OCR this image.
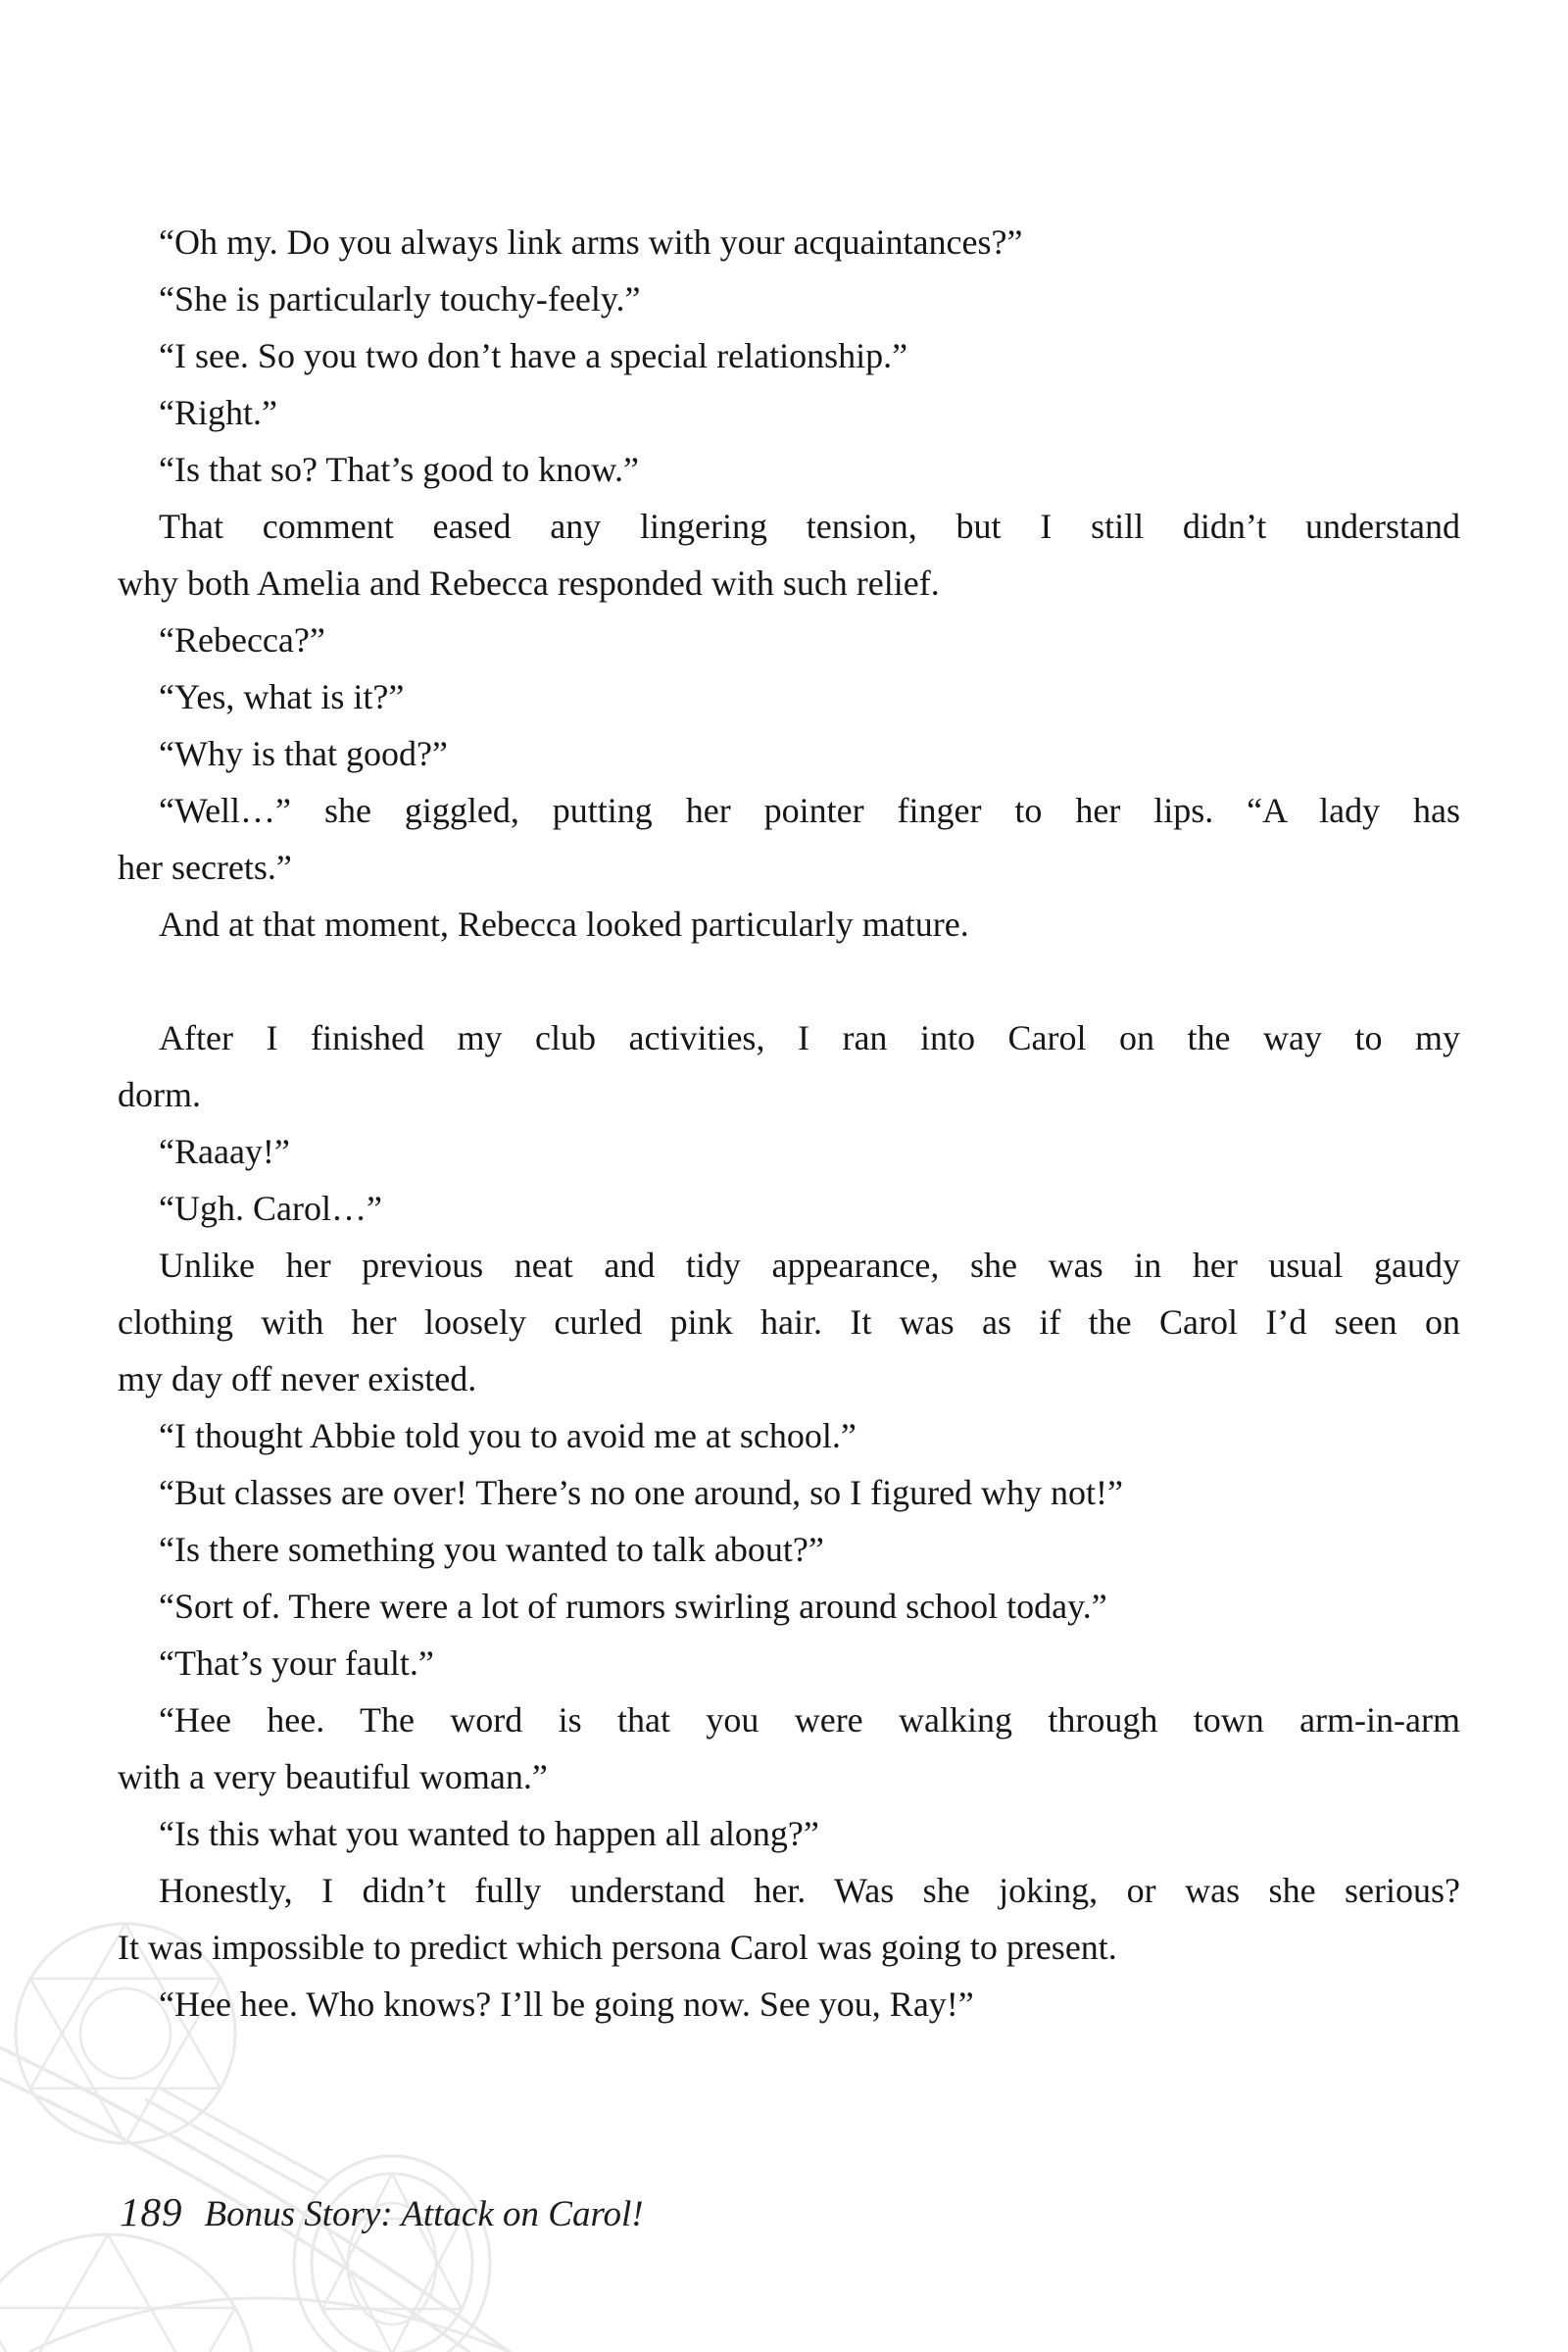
“Oh my. Do you always link arms with your acquaintances?”

“She is particularly touchy-feely.”

“I see. So you two don’t have a special relationship.”

“Right.”

“Is that so? That’s good to know.”

That comment eased any lingering tension, but I still didn’t understand
why both Amelia and Rebecca responded with such relief.

“Rebecca?”

“Yes, what is it?”

“Why is that good?”

“Well…” she giggled, putting her pointer finger to her lips. “A lady has
her secrets.”

And at that moment, Rebecca looked particularly mature.

After I finished my club activities, I ran into Carol on the way to my
dorm.

“Raaay!”

“Ugh. Carol…”

Unlike her previous neat and tidy appearance, she was in her usual gaudy
clothing with her loosely curled pink hair. It was as if the Carol I’d seen on
my day off never existed.

“I thought Abbie told you to avoid me at school.”

“But classes are over! There’s no one around, so I figured why not!”

“Is there something you wanted to talk about?”

“Sort of. There were a lot of rumors swirling around school today.”

“That’s your fault.”

“Hee hee. The word is that you were walking through town arm-in-arm
with a very beautiful woman.”

“Is this what you wanted to happen all along?”

Honestly, I didn’t fully understand her. Was she joking, or was she serious?
It was impossible to predict which persona Carol was going to present.

“Hee hee. Who knows? I’ll be going now. See you, Ray!”

189 Bonus Story: Attack on Carol!
